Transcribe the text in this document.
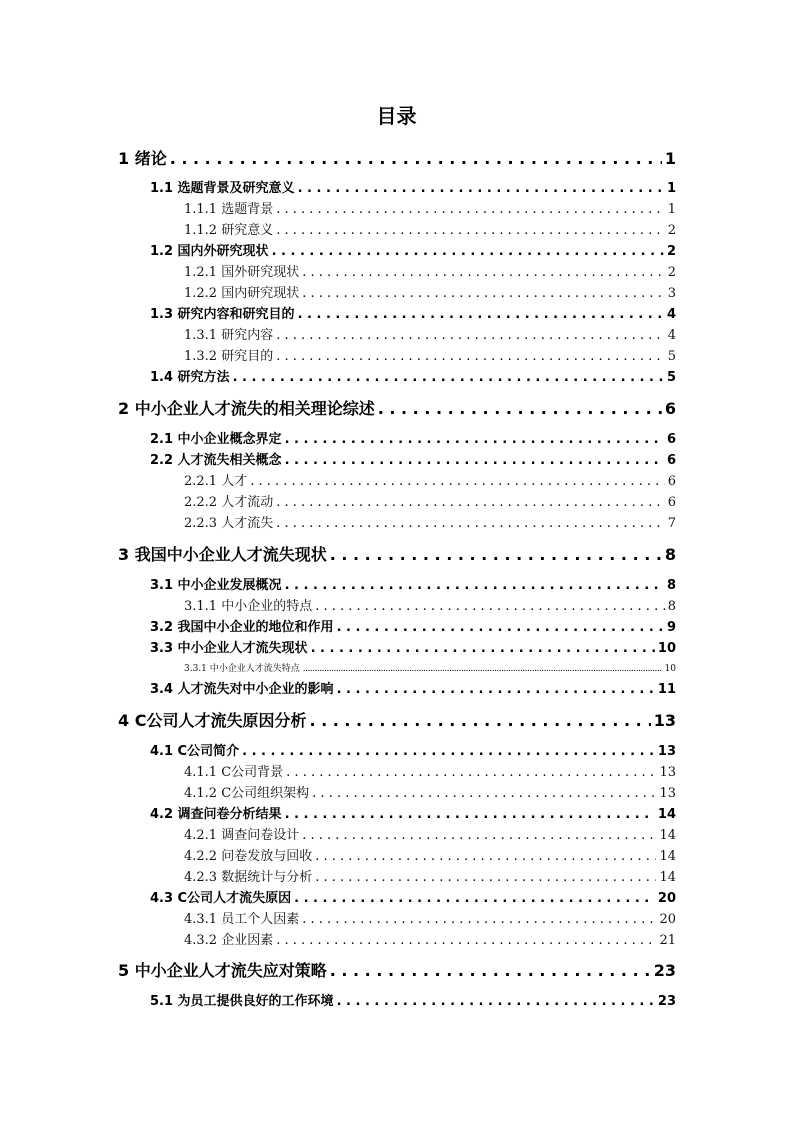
目录
1 绪论 . . .	1
1.1 选题背景及研究意义 . . .	1
1.1.1 选题背景 . . .	1
1.1.2 研究意义 . . .	2
1.2 国内外研究现状 . . .	2
1.2.1 国外研究现状 . . .	2
1.2.2 国内研究现状 . . .	3
1.3 研究内容和研究目的 . . .	4
1.3.1 研究内容 . . .	4
1.3.2 研究目的 . . .	5
1.4 研究方法 . . .	5
2 中小企业人才流失的相关理论综述 . . .	6
2.1 中小企业概念界定 . . .	6
2.2 人才流失相关概念 . . .	6
2.2.1 人才 . . .	6
2.2.2 人才流动 . . .	6
2.2.3 人才流失 . . .	7
3 我国中小企业人才流失现状 . . .	8
3.1 中小企业发展概况 . . .	8
3.1.1 中小企业的特点 . . .	8
3.2 我国中小企业的地位和作用 . . .	9
3.3 中小企业人才流失现状 . . .	10
3.3.1 中小企业人才流失特点 .....	10
3.4 人才流失对中小企业的影响 . . .	11
4 C公司人才流失原因分析 . . .	13
4.1 C公司简介 . . .	13
4.1.1 C公司背景 . . .	13
4.1.2 C公司组织架构 . . .	13
4.2 调查问卷分析结果 . . .	14
4.2.1 调查问卷设计 . . .	14
4.2.2 问卷发放与回收 . . .	14
4.2.3 数据统计与分析 . . .	14
4.3 C公司人才流失原因 . . .	20
4.3.1 员工个人因素 . . .	20
4.3.2 企业因素 . . .	21
5 中小企业人才流失应对策略 . . .	23
5.1 为员工提供良好的工作环境 . . .	23
